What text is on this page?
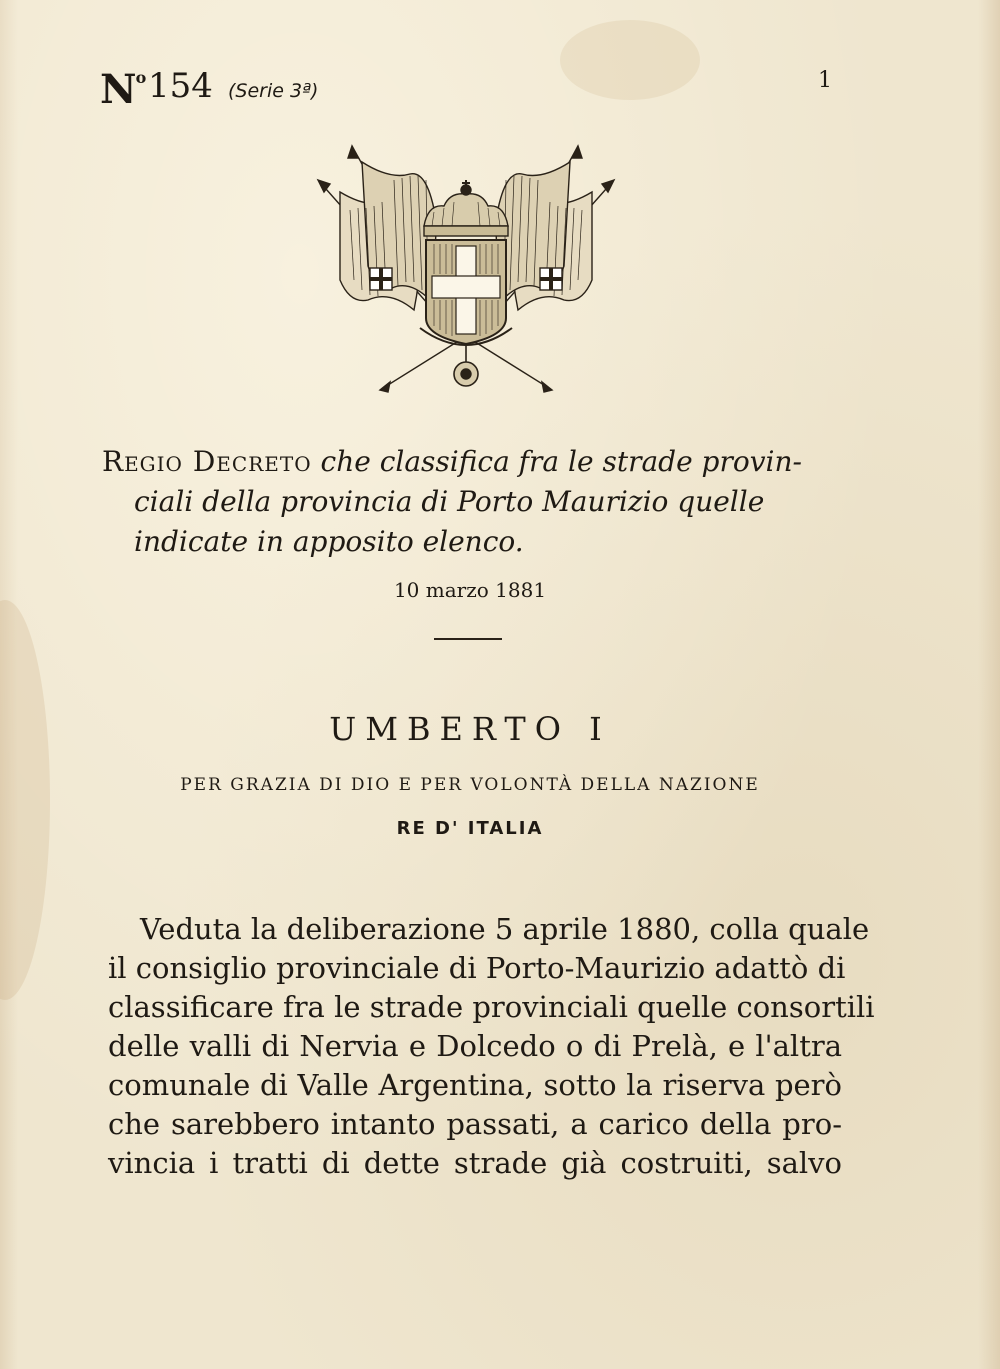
$N^o$ 154 (Serie 3ª)	1
Regio Decreto che classifica fra le strade provin-
ciali della provincia di Porto Maurizio quelle
indicate in apposito elenco.
10 marzo 1881
UMBERTO I
PER GRAZIA DI DIO E PER VOLONTÀ DELLA NAZIONE
RE D' ITALIA
Veduta la deliberazione 5 aprile 1880, colla quale
il consiglio provinciale di Porto-Maurizio adattò di
classificare fra le strade provinciali quelle consortili
delle valli di Nervia e Dolcedo o di Prelà, e l'altra
comunale di Valle Argentina, sotto la riserva però
che sarebbero intanto passati, a carico della pro-
vincia i tratti di dette strade già costruiti, salvo
